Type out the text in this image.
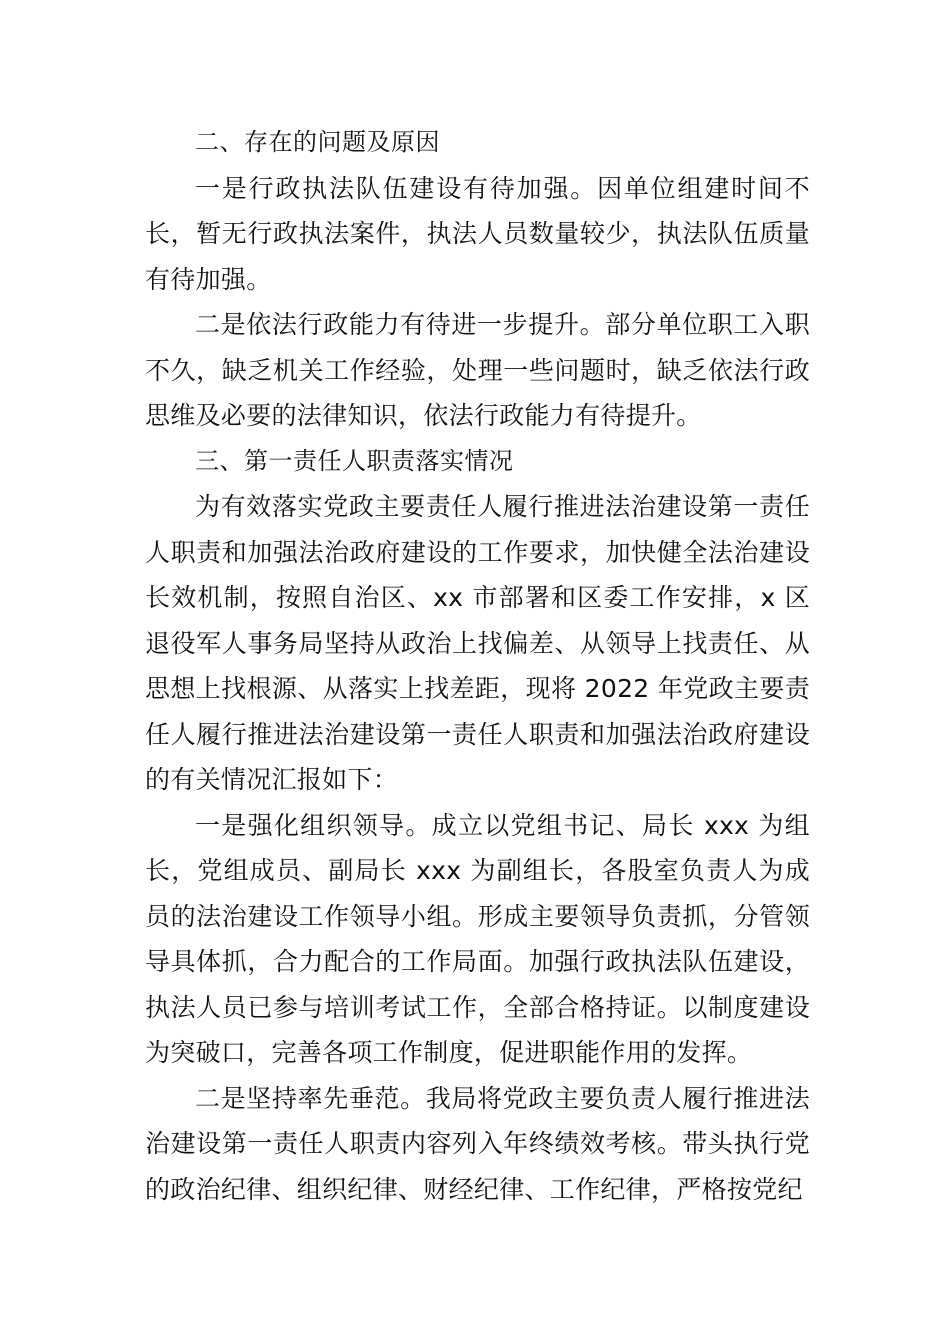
二、存在的问题及原因

一是行政执法队伍建设有待加强。因单位组建时间不长，暂无行政执法案件，执法人员数量较少，执法队伍质量有待加强。

二是依法行政能力有待进一步提升。部分单位职工入职不久，缺乏机关工作经验，处理一些问题时，缺乏依法行政思维及必要的法律知识，依法行政能力有待提升。

三、第一责任人职责落实情况

为有效落实党政主要责任人履行推进法治建设第一责任人职责和加强法治政府建设的工作要求，加快健全法治建设长效机制，按照自治区、xx 市部署和区委工作安排，x 区退役军人事务局坚持从政治上找偏差、从领导上找责任、从思想上找根源、从落实上找差距，现将 2022 年党政主要责任人履行推进法治建设第一责任人职责和加强法治政府建设的有关情况汇报如下：

一是强化组织领导。成立以党组书记、局长 xxx 为组长，党组成员、副局长 xxx 为副组长，各股室负责人为成员的法治建设工作领导小组。形成主要领导负责抓，分管领导具体抓，合力配合的工作局面。加强行政执法队伍建设，执法人员已参与培训考试工作，全部合格持证。以制度建设为突破口，完善各项工作制度，促进职能作用的发挥。

二是坚持率先垂范。我局将党政主要负责人履行推进法治建设第一责任人职责内容列入年终绩效考核。带头执行党的政治纪律、组织纪律、财经纪律、工作纪律，严格按党纪
